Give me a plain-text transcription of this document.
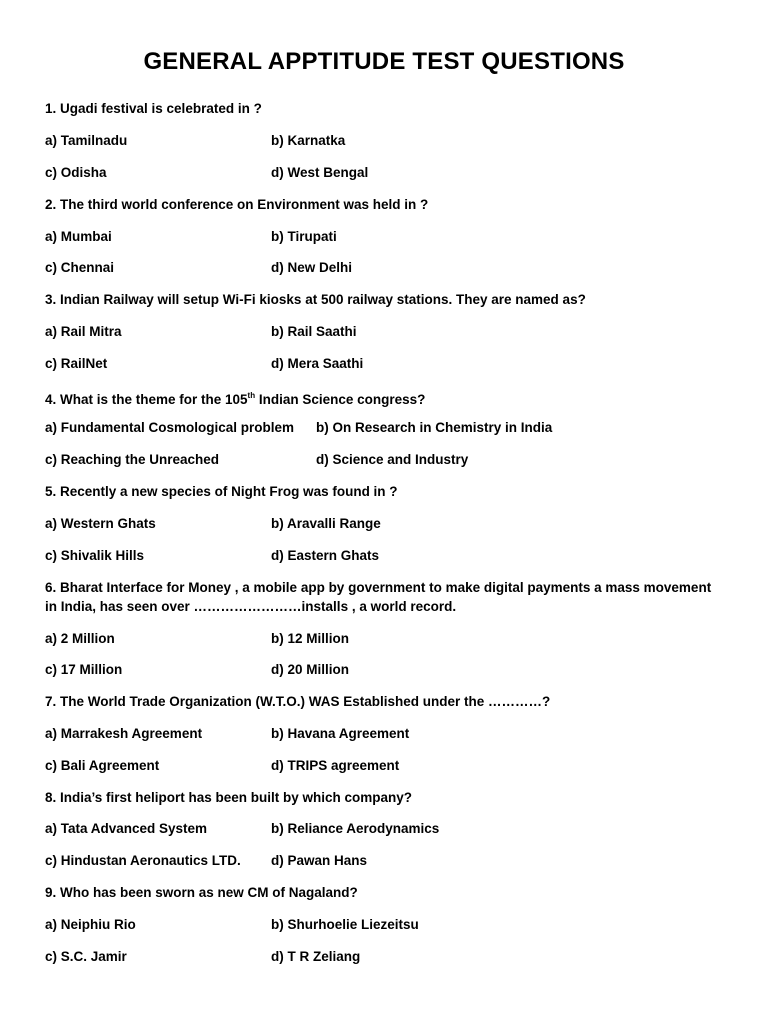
GENERAL APPTITUDE TEST QUESTIONS
1. Ugadi festival is celebrated in ?
a) Tamilnadu	b) Karnatka
c) Odisha	d) West Bengal
2. The third world conference on Environment was held in ?
a) Mumbai	b) Tirupati
c) Chennai	d) New Delhi
3. Indian Railway will setup Wi-Fi kiosks at 500 railway stations. They are named as?
a) Rail Mitra	b) Rail Saathi
c) RailNet	d) Mera Saathi
4. What is the theme for the 105th Indian Science congress?
a) Fundamental Cosmological problem b) On Research in Chemistry in India
c) Reaching the Unreached	d) Science and Industry
5. Recently a new species of Night Frog was found in ?
a) Western Ghats	b) Aravalli Range
c) Shivalik Hills	d) Eastern Ghats
6. Bharat Interface for Money , a mobile app by government to make digital payments a mass movement in India, has seen over ……………………installs , a world record.
a) 2 Million	b) 12 Million
c) 17 Million	d) 20 Million
7. The World Trade Organization (W.T.O.) WAS Established under the …………?
a) Marrakesh Agreement	b) Havana Agreement
c) Bali Agreement	d) TRIPS agreement
8. India’s first heliport has been built by which company?
a) Tata Advanced System	b) Reliance Aerodynamics
c) Hindustan Aeronautics LTD. d) Pawan Hans
9. Who has been sworn as new CM of Nagaland?
a) Neiphiu Rio	b) Shurhoelie Liezeitsu
c) S.C. Jamir	d) T R Zeliang
